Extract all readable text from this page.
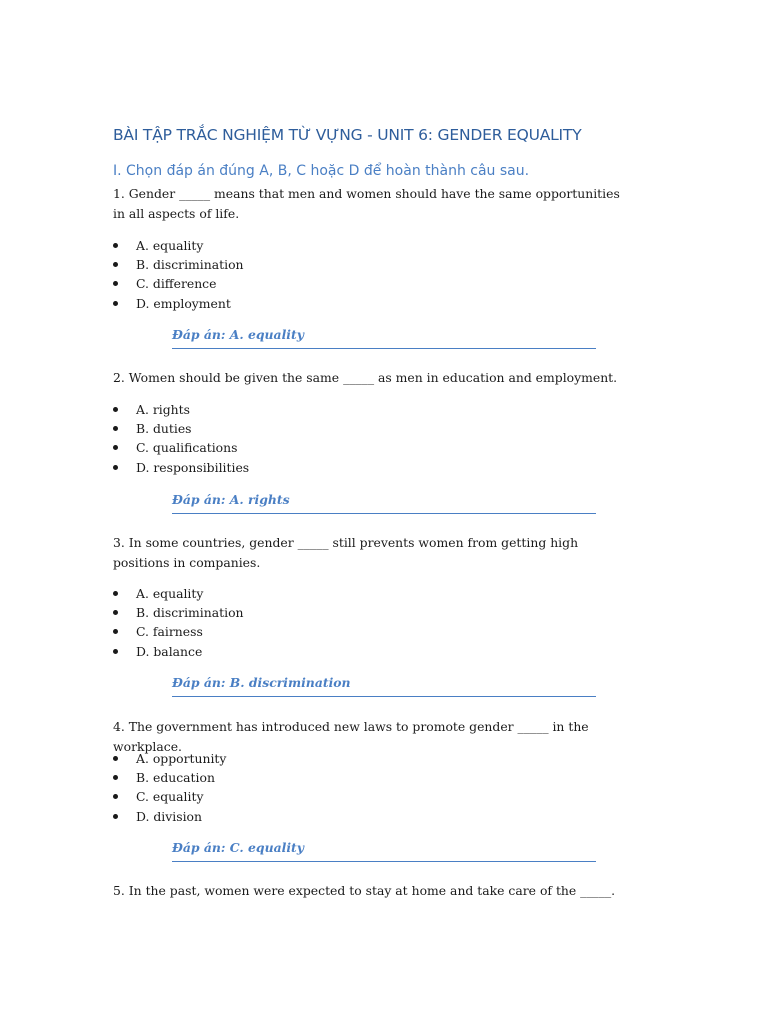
BÀI TẬP TRẮC NGHIỆM TỪ VỰNG - UNIT 6: GENDER EQUALITY
I. Chọn đáp án đúng A, B, C hoặc D để hoàn thành câu sau.

1. Gender _____ means that men and women should have the same opportunities in all aspects of life.

A. equality
B. discrimination
C. difference
D. employment
Đáp án: A. equality

2. Women should be given the same _____ as men in education and employment.

A. rights
B. duties
C. qualifications
D. responsibilities
Đáp án: A. rights

3. In some countries, gender _____ still prevents women from getting high positions in companies.

A. equality
B. discrimination
C. fairness
D. balance
Đáp án: B. discrimination

4. The government has introduced new laws to promote gender _____ in the workplace.

A. opportunity
B. education
C. equality
D. division
Đáp án: C. equality

5. In the past, women were expected to stay at home and take care of the _____.
